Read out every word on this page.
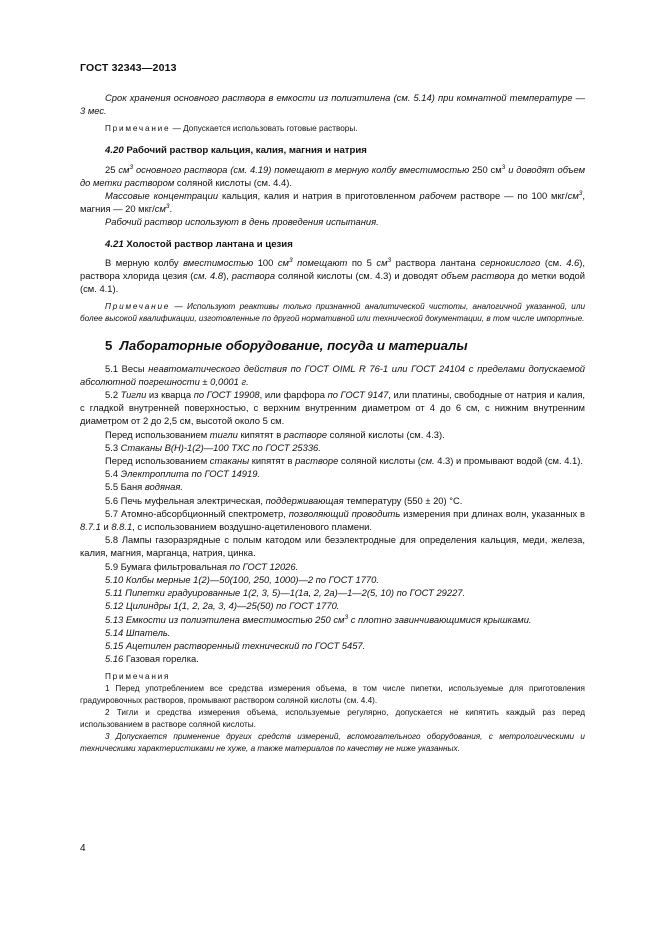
ГОСТ 32343—2013

Срок хранения основного раствора в емкости из полиэтилена (см. 5.14) при комнатной температуре — 3 мес.

Примечание — Допускается использовать готовые растворы.

4.20 Рабочий раствор кальция, калия, магния и натрия

25 $см^3$ основного раствора (см. 4.19) помещают в мерную колбу вместимостью 250 $см^3$ и доводят объем до метки раствором соляной кислоты (см. 4.4).

Массовые концентрации кальция, калия и натрия в приготовленном рабочем растворе — по 100 мкг/$см^3$, магния — 20 мкг/$см^3$.

Рабочий раствор используют в день проведения испытания.

4.21 Холостой раствор лантана и цезия

В мерную колбу вместимостью 100 $см^3$ помещают по 5 $см^3$ раствора лантана сернокислого (см. 4.6), раствора хлорида цезия (см. 4.8), раствора соляной кислоты (см. 4.3) и доводят объем раствора до метки водой (см. 4.1).

Примечание — Используют реактивы только признанной аналитической чистоты, аналогичной указанной, или более высокой квалификации, изготовленные по другой нормативной или технической документации, в том числе импортные.

5 Лабораторные оборудование, посуда и материалы

5.1 Весы неавтоматического действия по ГОСТ OIML R 76-1 или ГОСТ 24104 с пределами допускаемой абсолютной погрешности ± 0,0001 г.

5.2 Тигли из кварца по ГОСТ 19908, или фарфора по ГОСТ 9147, или платины, свободные от натрия и калия, с гладкой внутренней поверхностью, с верхним внутренним диаметром от 4 до 6 см, с нижним внутренним диаметром от 2 до 2,5 см, высотой около 5 см.

Перед использованием тигли кипятят в растворе соляной кислоты (см. 4.3).

5.3 Стаканы В(Н)-1(2)—100 ТХС по ГОСТ 25336.

Перед использованием стаканы кипятят в растворе соляной кислоты (см. 4.3) и промывают водой (см. 4.1).

5.4 Электроплита по ГОСТ 14919.

5.5 Баня водяная.

5.6 Печь муфельная электрическая, поддерживающая температуру (550 ± 20) °С.

5.7 Атомно-абсорбционный спектрометр, позволяющий проводить измерения при длинах волн, указанных в 8.7.1 и 8.8.1, с использованием воздушно-ацетиленового пламени.

5.8 Лампы газоразрядные с полым катодом или безэлектродные для определения кальция, меди, железа, калия, магния, марганца, натрия, цинка.

5.9 Бумага фильтровальная по ГОСТ 12026.

5.10 Колбы мерные 1(2)—50(100, 250, 1000)—2 по ГОСТ 1770.

5.11 Пипетки градуированные 1(2, 3, 5)—1(1а, 2, 2а)—1—2(5, 10) по ГОСТ 29227.

5.12 Цилиндры 1(1, 2, 2а, 3, 4)—25(50) по ГОСТ 1770.

5.13 Емкости из полиэтилена вместимостью 250 $см^3$ с плотно завинчивающимися крышками.

5.14 Шпатель.

5.15 Ацетилен растворенный технический по ГОСТ 5457.

5.16 Газовая горелка.

Примечания

1 Перед употреблением все средства измерения объема, в том числе пипетки, используемые для приготовления градуировочных растворов, промывают раствором соляной кислоты (см. 4.4).

2 Тигли и средства измерения объема, используемые регулярно, допускается не кипятить каждый раз перед использованием в растворе соляной кислоты.

3 Допускается применение других средств измерений, вспомогательного оборудования, с метрологическими и техническими характеристиками не хуже, а также материалов по качеству не ниже указанных.

4
